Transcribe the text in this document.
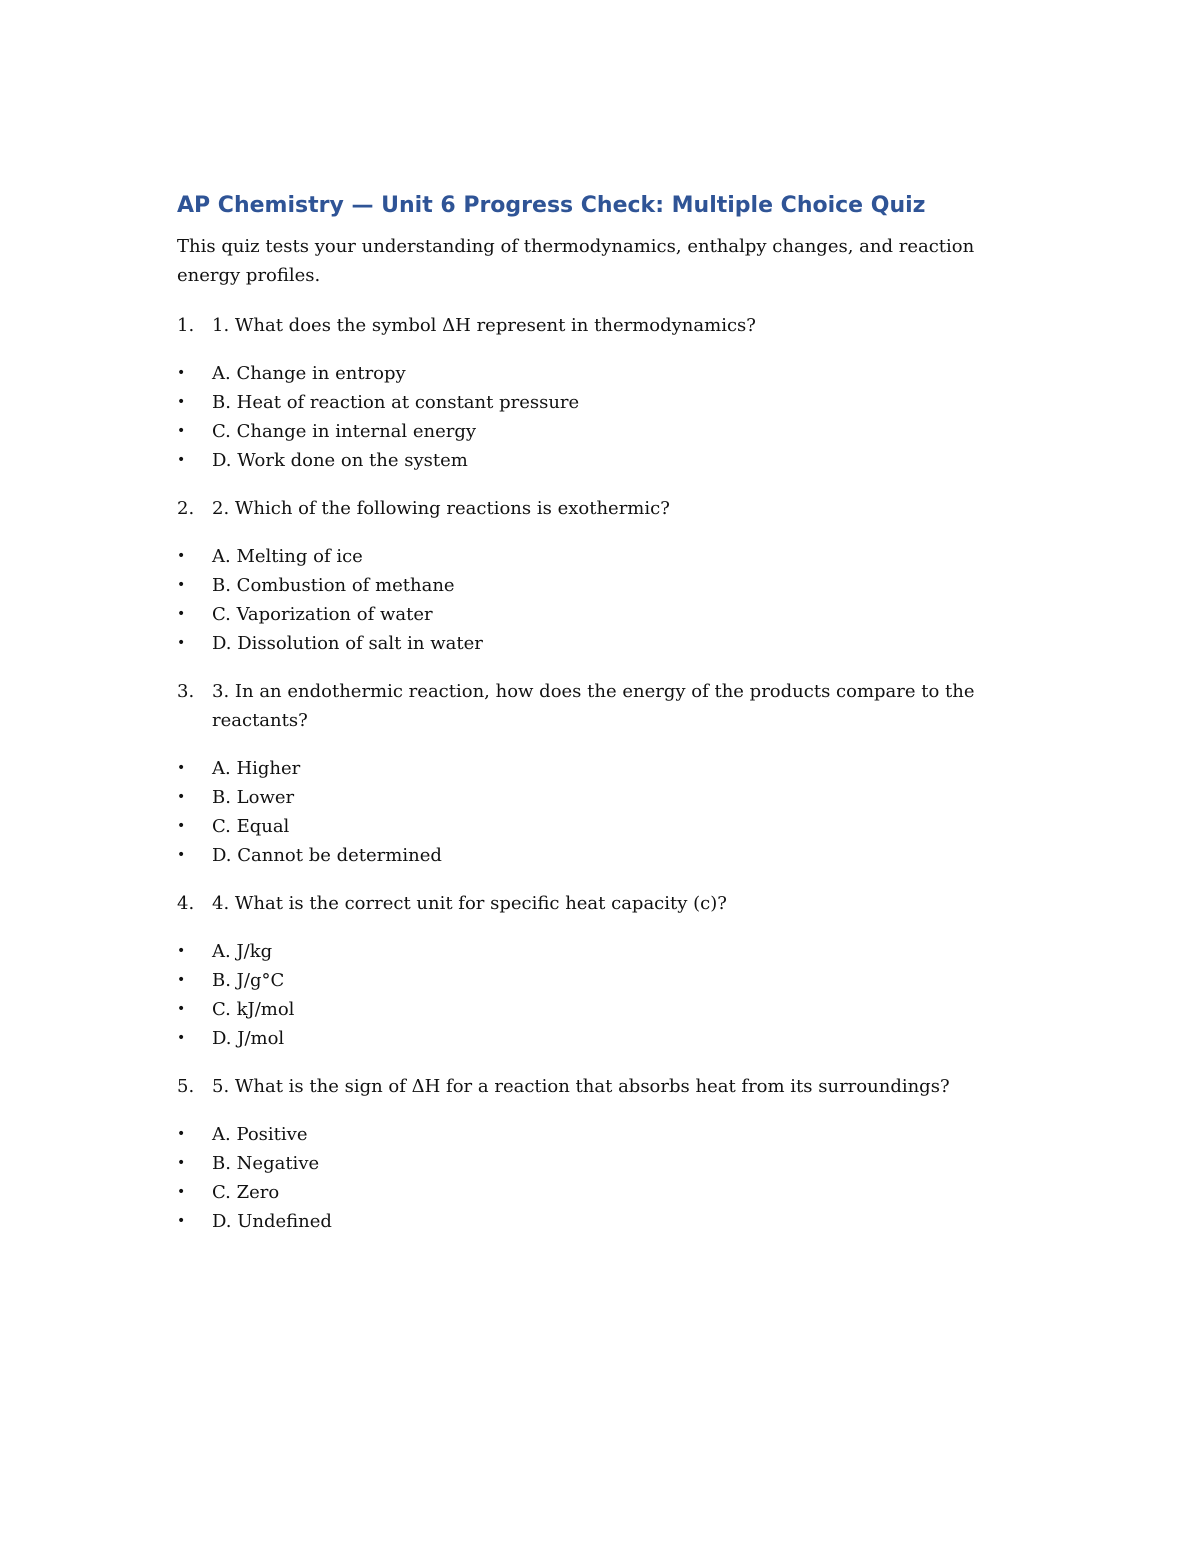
AP Chemistry — Unit 6 Progress Check: Multiple Choice Quiz

This quiz tests your understanding of thermodynamics, enthalpy changes, and reaction energy profiles.

1. 1. What does the symbol ΔH represent in thermodynamics?
•	A. Change in entropy
•	B. Heat of reaction at constant pressure
•	C. Change in internal energy
•	D. Work done on the system
2. 2. Which of the following reactions is exothermic?
•	A. Melting of ice
•	B. Combustion of methane
•	C. Vaporization of water
•	D. Dissolution of salt in water
3. 3. In an endothermic reaction, how does the energy of the products compare to the reactants?
•	A. Higher
•	B. Lower
•	C. Equal
•	D. Cannot be determined
4. 4. What is the correct unit for specific heat capacity (c)?
•	A. J/kg
•	B. J/g°C
•	C. kJ/mol
•	D. J/mol
5. 5. What is the sign of ΔH for a reaction that absorbs heat from its surroundings?
•	A. Positive
•	B. Negative
•	C. Zero
•	D. Undefined
